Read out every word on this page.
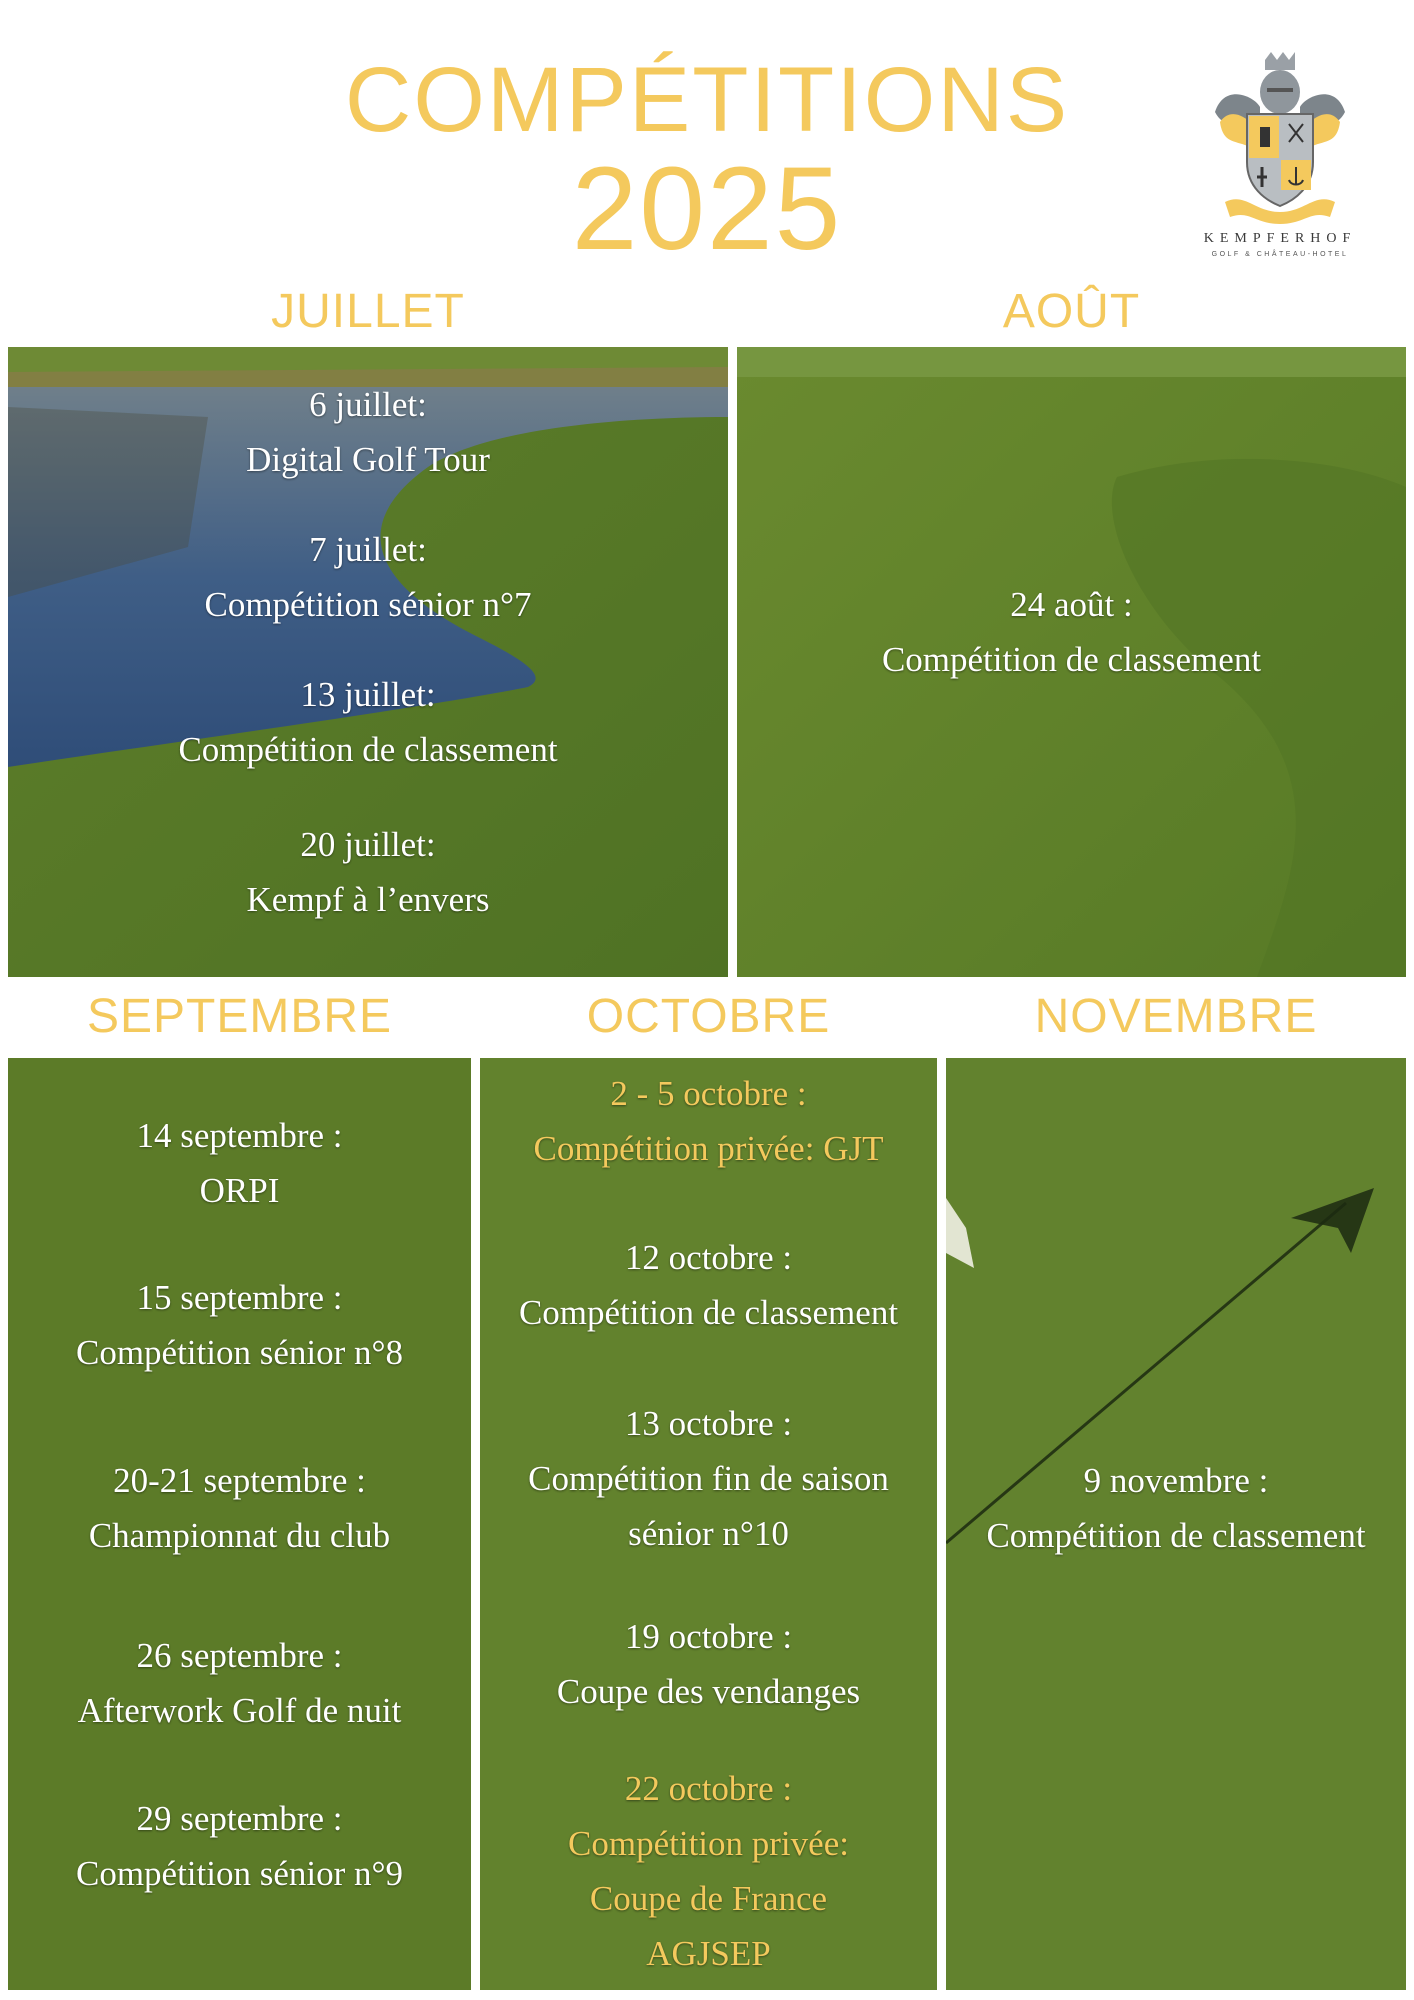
COMPÉTITIONS
2025	KEMPFERHOF
GOLF & CHÂTEAU-HOTEL
JUILLET	AOÛT
SEPTEMBRE	OCTOBRE	NOVEMBRE
6 juillet:
Digital Golf Tour
7 juillet:
Compétition sénior n°7
13 juillet:
Compétition de classement
20 juillet:
Kempf à l’envers
24 août :
Compétition de classement
14 septembre :
ORPI
15 septembre :
Compétition sénior n°8
20-21 septembre :
Championnat du club
26 septembre :
Afterwork Golf de nuit
29 septembre :
Compétition sénior n°9
2 - 5 octobre :
Compétition privée: GJT
12 octobre :
Compétition de classement
13 octobre :
Compétition fin de saison
sénior n°10
19 octobre :
Coupe des vendanges
22 octobre :
Compétition privée:
Coupe de France
AGJSEP
9 novembre :
Compétition de classement
